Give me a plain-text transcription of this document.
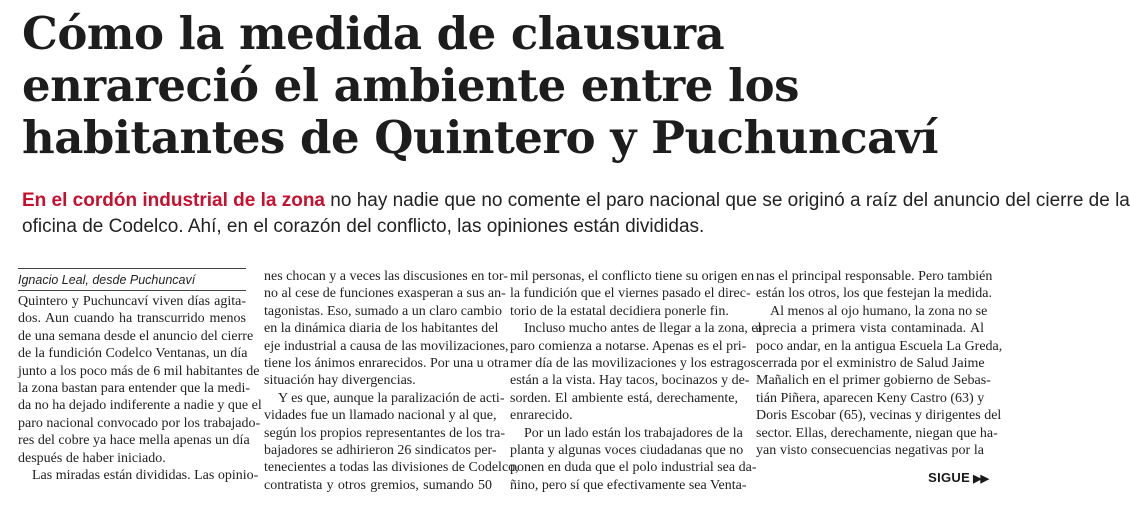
Cómo la medida de clausura
enrareció el ambiente entre los
habitantes de Quintero y Puchuncaví

En el cordón industrial de la zona no hay nadie que no comente el paro nacional que se originó a raíz del anuncio del cierre de la
oficina de Codelco. Ahí, en el corazón del conflicto, las opiniones están divididas.

Ignacio Leal, desde Puchuncaví
Quintero y Puchuncaví viven días agita-
dos. Aun cuando ha transcurrido menos
de una semana desde el anuncio del cierre
de la fundición Codelco Ventanas, un día
junto a los poco más de 6 mil habitantes de
la zona bastan para entender que la medi-
da no ha dejado indiferente a nadie y que el
paro nacional convocado por los trabajado-
res del cobre ya hace mella apenas un día
después de haber iniciado.
Las miradas están divididas. Las opinio-
nes chocan y a veces las discusiones en tor-
no al cese de funciones exasperan a sus an-
tagonistas. Eso, sumado a un claro cambio
en la dinámica diaria de los habitantes del
eje industrial a causa de las movilizaciones,
tiene los ánimos enrarecidos. Por una u otra
situación hay divergencias.
Y es que, aunque la paralización de acti-
vidades fue un llamado nacional y al que,
según los propios representantes de los tra-
bajadores se adhirieron 26 sindicatos per-
tenecientes a todas las divisiones de Codelco,
contratista y otros gremios, sumando 50
mil personas, el conflicto tiene su origen en
la fundición que el viernes pasado el direc-
torio de la estatal decidiera ponerle fin.
Incluso mucho antes de llegar a la zona, el
paro comienza a notarse. Apenas es el pri-
mer día de las movilizaciones y los estragos
están a la vista. Hay tacos, bocinazos y de-
sorden. El ambiente está, derechamente,
enrarecido.
Por un lado están los trabajadores de la
planta y algunas voces ciudadanas que no
ponen en duda que el polo industrial sea da-
ñino, pero sí que efectivamente sea Venta-
nas el principal responsable. Pero también
están los otros, los que festejan la medida.
Al menos al ojo humano, la zona no se
aprecia a primera vista contaminada. Al
poco andar, en la antigua Escuela La Greda,
cerrada por el exministro de Salud Jaime
Mañalich en el primer gobierno de Sebas-
tián Piñera, aparecen Keny Castro (63) y
Doris Escobar (65), vecinas y dirigentes del
sector. Ellas, derechamente, niegan que ha-
yan visto consecuencias negativas por la
SIGUE ▶▶
